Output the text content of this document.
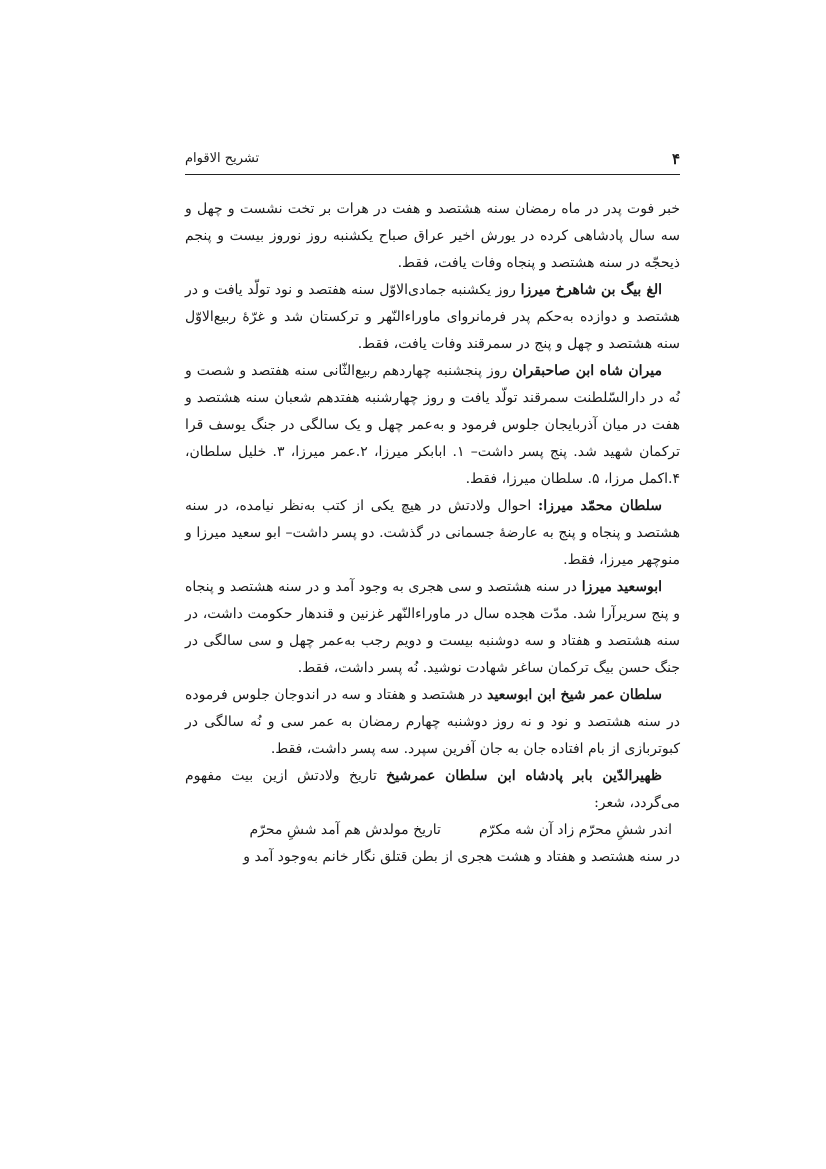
۴
تشریح الاقوام

خبر فوت پدر در ماه رمضان سنه هشتصد و هفت در هرات بر تخت نشست و چهل و سه سال پادشاهی کرده در یورش اخیر عراق صباح یکشنبه روز نوروز بیست و پنجم ذیحجّه در سنه هشتصد و پنجاه وفات یافت، فقط.

الغ بیگ بن شاهرخ میرزا روز یکشنبه جمادی‌الاوّل سنه هفتصد و نود تولّد یافت و در هشتصد و دوازده به‌حکم پدر فرمانروای ماوراءالنّهر و ترکستان شد و غرّهٔ ربیع‌الاوّل سنه هشتصد و چهل و پنج در سمرقند وفات یافت، فقط.

میران شاه ابن صاحبقران روز پنجشنبه چهاردهم ربیع‌الثّانی سنه هفتصد و شصت و نُه در دارالسّلطنت سمرقند تولّد یافت و روز چهارشنبه هفتدهم شعبان سنه هشتصد و هفت در میان آذربایجان جلوس فرمود و به‌عمر چهل و یک سالگی در جنگ یوسف قرا ترکمان شهید شد. پنج پسر داشت– ۱. ابابکر میرزا، ۲.عمر میرزا، ۳. خلیل سلطان، ۴.اکمل مرزا، ۵. سلطان میرزا، فقط.

سلطان محمّد میرزا: احوال ولادتش در هیچ یکی از کتب به‌نظر نیامده، در سنه هشتصد و پنجاه و پنج به عارضهٔ جسمانی در گذشت. دو پسر داشت– ابو سعید میرزا و منوچهر میرزا، فقط.

ابوسعید میرزا در سنه هشتصد و سی هجری به وجود آمد و در سنه هشتصد و پنجاه و پنج سریرآرا شد. مدّت هجده سال در ماوراءالنّهر غزنین و قندهار حکومت داشت، در سنه هشتصد و هفتاد و سه دوشنبه بیست و دویم رجب به‌عمر چهل و سی سالگی در جنگ حسن بیگ ترکمان ساغر شهادت نوشید. نُه پسر داشت، فقط.

سلطان عمر شیخ ابن ابوسعید در هشتصد و هفتاد و سه در اندوجان جلوس فرموده در سنه هشتصد و نود و نه روز دوشنبه چهارم رمضان به عمر سی و نُه سالگی در کبوتربازی از بام افتاده جان به جان آفرین سپرد. سه پسر داشت، فقط.

ظهیرالدّین بابر پادشاه ابن سلطان عمرشیخ تاریخ ولادتش ازین بیت مفهوم می‌گردد، شعر:

اندر ششِ محرّم زاد آن شه مکرّمتاریخ مولدش هم آمد ششِ محرّم

در سنه هشتصد و هفتاد و هشت هجری از بطن قتلق نگار خانم به‌وجود آمد و
